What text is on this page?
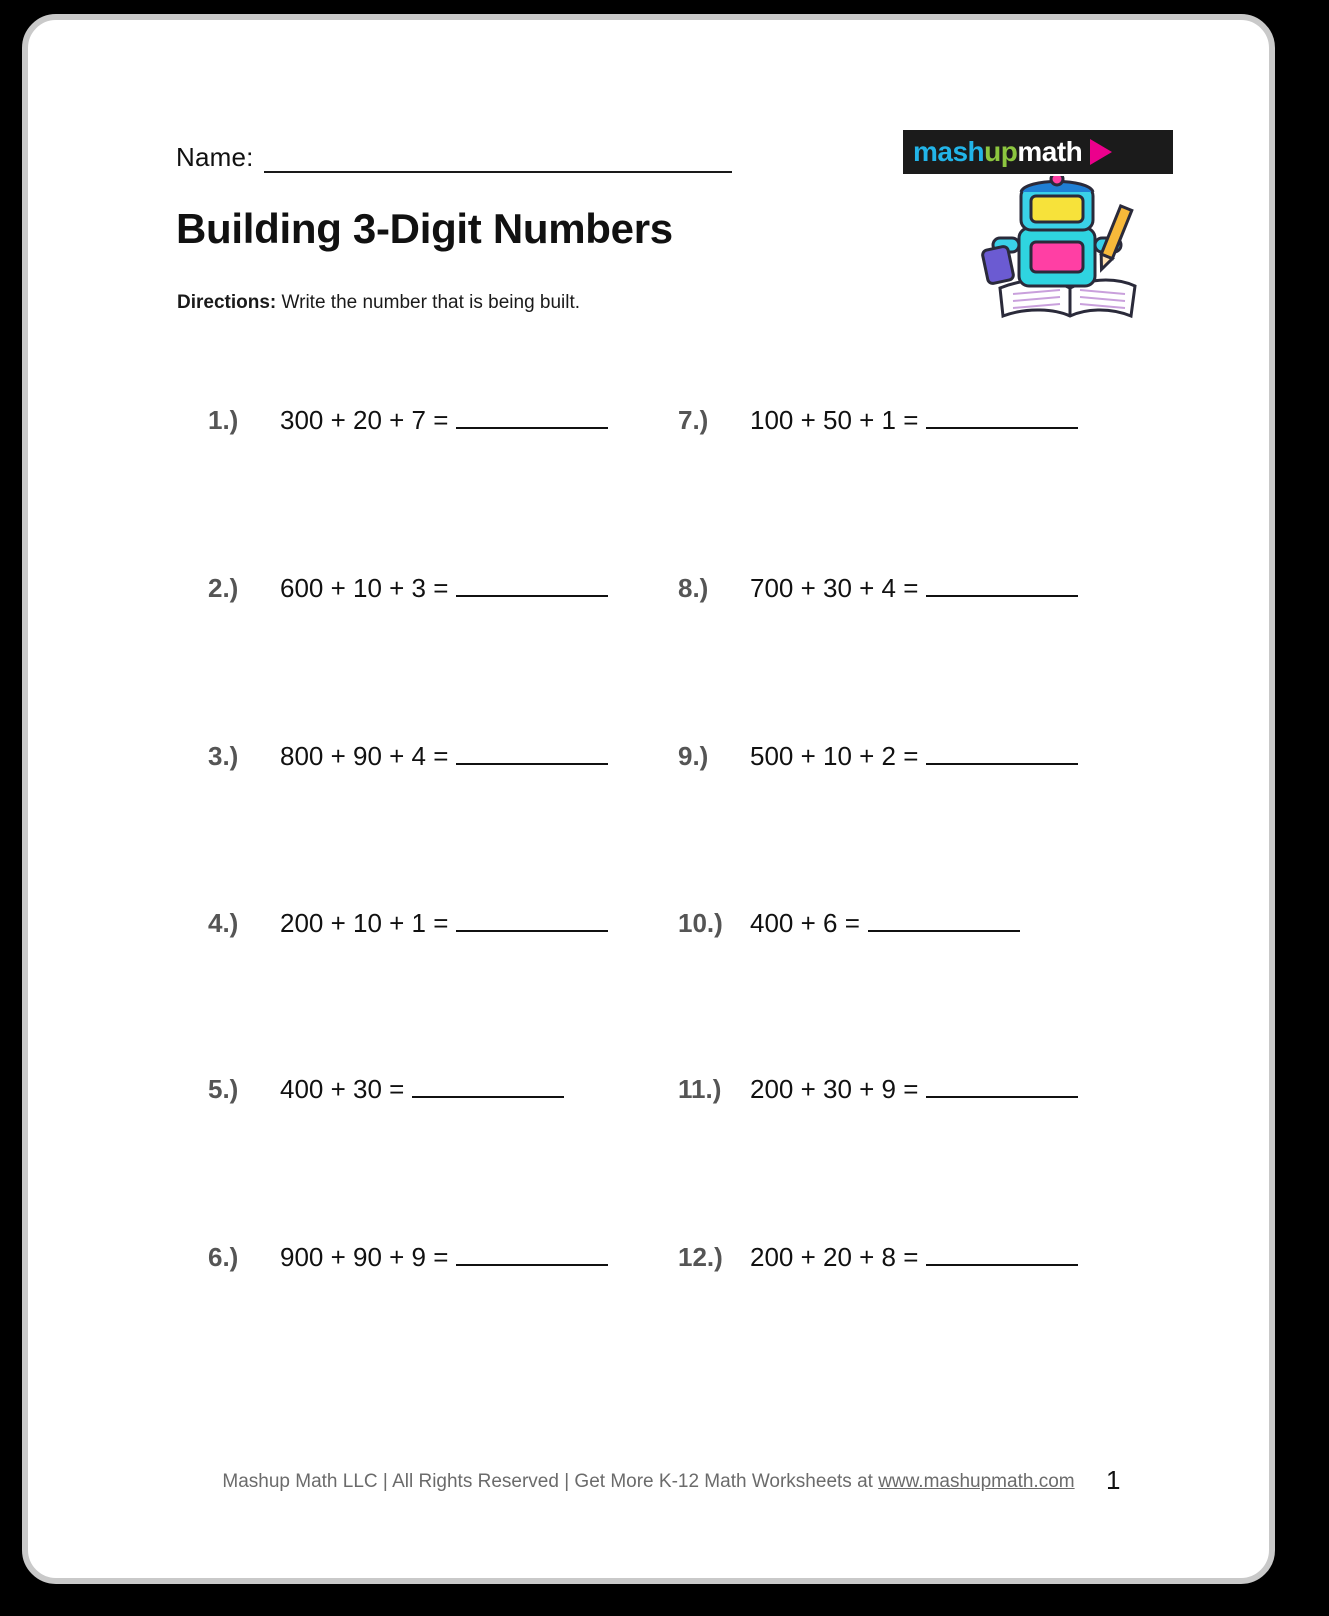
Name:
Building 3-Digit Numbers
Directions: Write the number that is being built.
mashupmath
1.)	300 + 20 + 7 =
2.)	600 + 10 + 3 =
3.)	800 + 90 + 4 =
4.)	200 + 10 + 1 =
5.)	400 + 30 =
6.)	900 + 90 + 9 =
7.)	100 + 50 + 1 =
8.)	700 + 30 + 4 =
9.)	500 + 10 + 2 =
10.)	400 + 6 =
11.)	200 + 30 + 9 =
12.)	200 + 20 + 8 =
Mashup Math LLC | All Rights Reserved | Get More K-12 Math Worksheets at www.mashupmath.com	1
